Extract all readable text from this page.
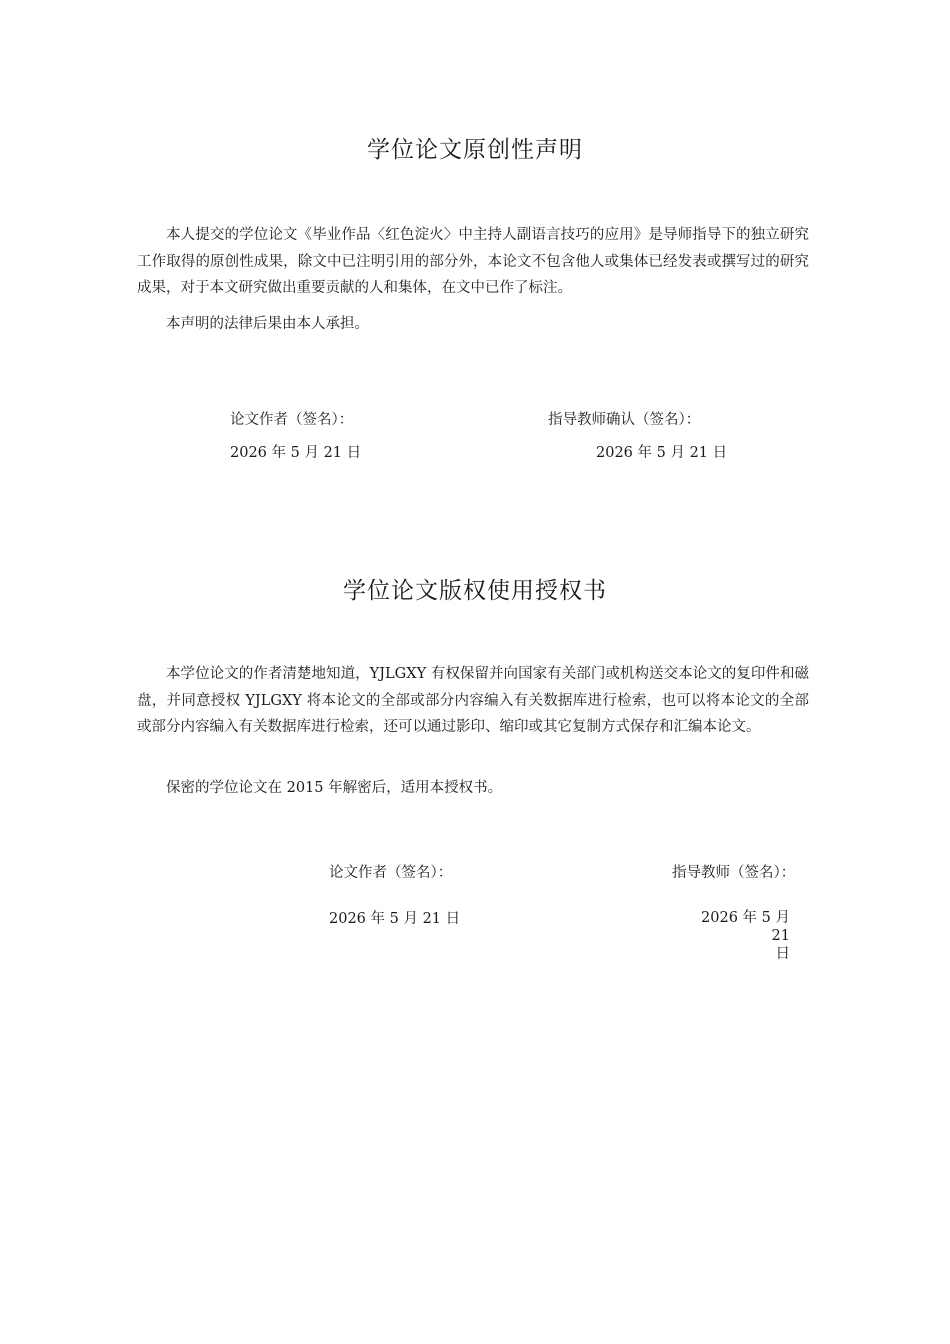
学位论文原创性声明

本人提交的学位论文《毕业作品〈红色淀火〉中主持人副语言技巧的应用》是导师指导下的独立研究工作取得的原创性成果，除文中已注明引用的部分外，本论文不包含他人或集体已经发表或撰写过的研究成果，对于本文研究做出重要贡献的人和集体，在文中已作了标注。

本声明的法律后果由本人承担。

论文作者（签名）：	指导教师确认（签名）：
2026 年 5 月 21 日	2026 年 5 月 21 日
学位论文版权使用授权书

本学位论文的作者清楚地知道，YJLGXY 有权保留并向国家有关部门或机构送交本论文的复印件和磁盘，并同意授权 YJLGXY 将本论文的全部或部分内容编入有关数据库进行检索，也可以将本论文的全部或部分内容编入有关数据库进行检索，还可以通过影印、缩印或其它复制方式保存和汇编本论文。

保密的学位论文在 2015 年解密后，适用本授权书。

论文作者（签名）：	指导教师（签名）：
2026 年 5 月 21 日	2026 年 5 月
21
日
